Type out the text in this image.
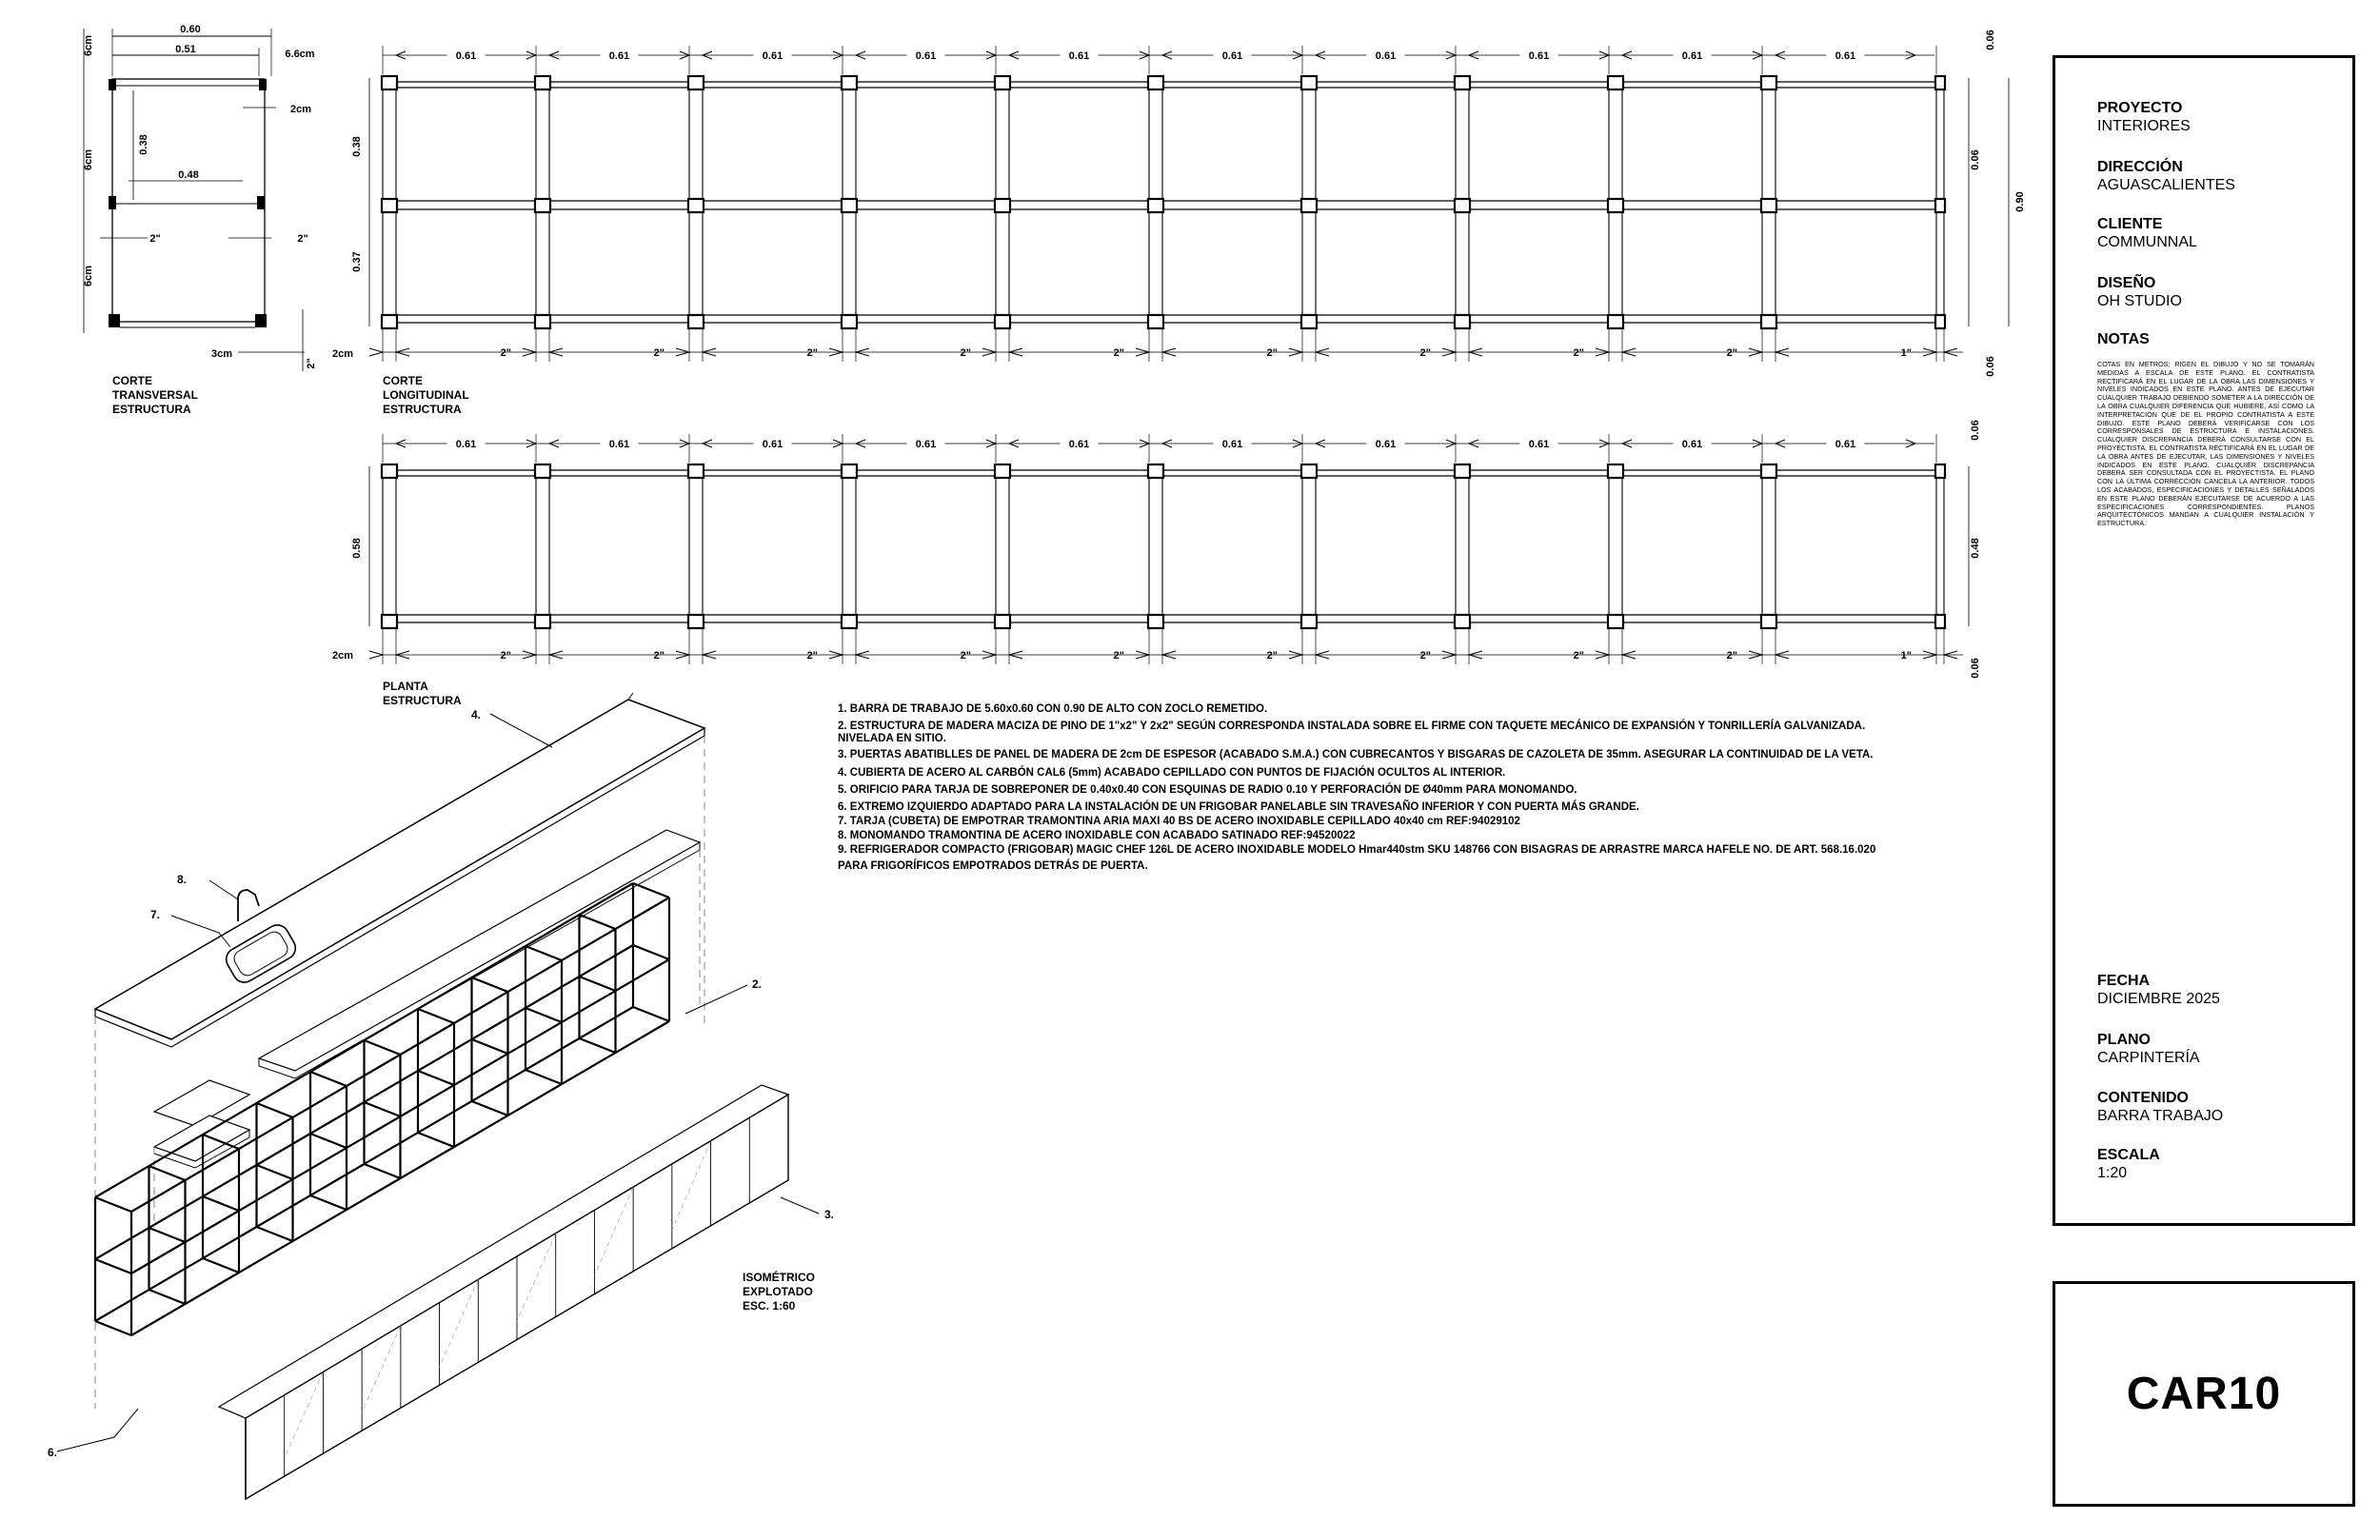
0.60
0.51	6.6cm
6cm
6cm
6cm
0.38
0.48
2cm
2"	2"
3cm
2"
CORTE
TRANSVERSAL
ESTRUCTURA
0.61
2"
0.61
2"
0.61
2"
0.61
2"
0.61
2"
0.61
2"
0.61
2"
0.61
2"
0.61
2"
0.61
1"
0.38
0.37
0.90
0.06
0.06
0.06
2cm
CORTE
LONGITUDINAL
ESTRUCTURA
0.61
2"
0.61
2"
0.61
2"
0.61
2"
0.61
2"
0.61
2"
0.61
2"
0.61
2"
0.61
2"
0.61
1"
0.58	0.48
0.06
0.06
2cm
PLANTA
ESTRUCTURA
4.
8.
7.
2.
3.
6.
ISOMÉTRICO
EXPLOTADO
ESC. 1:60
1. BARRA DE TRABAJO DE 5.60x0.60 CON 0.90 DE ALTO CON ZOCLO REMETIDO.
2. ESTRUCTURA DE MADERA MACIZA DE PINO DE 1"x2" Y 2x2" SEGÚN CORRESPONDA INSTALADA SOBRE EL FIRME CON TAQUETE MECÁNICO DE EXPANSIÓN Y TONRILLERÍA GALVANIZADA.
NIVELADA EN SITIO.
3. PUERTAS ABATIBLLES DE PANEL DE MADERA DE 2cm DE ESPESOR (ACABADO S.M.A.) CON CUBRECANTOS Y BISGARAS DE CAZOLETA DE 35mm. ASEGURAR LA CONTINUIDAD DE LA VETA.
4. CUBIERTA DE ACERO AL CARBÓN CAL6 (5mm) ACABADO CEPILLADO CON PUNTOS DE FIJACIÓN OCULTOS AL INTERIOR.
5. ORIFICIO PARA TARJA DE SOBREPONER DE 0.40x0.40 CON ESQUINAS DE RADIO 0.10 Y PERFORACIÓN DE Ø40mm PARA MONOMANDO.
6. EXTREMO IZQUIERDO ADAPTADO PARA LA INSTALACIÓN DE UN FRIGOBAR PANELABLE SIN TRAVESAÑO INFERIOR Y CON PUERTA MÁS GRANDE.
7. TARJA (CUBETA) DE EMPOTRAR TRAMONTINA ARIA MAXI 40 BS DE ACERO INOXIDABLE CEPILLADO 40x40 cm REF:94029102
8. MONOMANDO TRAMONTINA DE ACERO INOXIDABLE CON ACABADO SATINADO REF:94520022
9. REFRIGERADOR COMPACTO (FRIGOBAR) MAGIC CHEF 126L DE ACERO INOXIDABLE MODELO Hmar440stm SKU 148766 CON BISAGRAS DE ARRASTRE MARCA HAFELE NO. DE ART. 568.16.020
PARA FRIGORÍFICOS EMPOTRADOS DETRÁS DE PUERTA.
PROYECTO
INTERIORES
DIRECCIÓN
AGUASCALIENTES
CLIENTE
COMMUNNAL
DISEÑO
OH STUDIO
NOTAS
COTAS EN METROS; RIGEN EL DIBUJO Y NO SE TOMARÁN MEDIDAS A ESCALA DE ESTE PLANO. EL CONTRATISTA RECTIFICARÁ EN EL LUGAR DE LA OBRA LAS DIMENSIONES Y NIVELES INDICADOS EN ESTE PLANO. ANTES DE EJECUTAR CUALQUIER TRABAJO DEBIENDO SOMETER A LA DIRECCIÓN DE LA OBRA CUALQUIER DIFERENCIA QUE HUBIERE, ASÍ COMO LA INTERPRETACIÓN QUE DE EL PROPIO CONTRATISTA A ESTE DIBUJO. ESTE PLANO DEBERÁ VERIFICARSE CON LOS CORRESPONSALES DE ESTRUCTURA E INSTALACIONES. CUALQUIER DISCREPANCIA DEBERÁ CONSULTARSE CON EL PROYECTISTA. EL CONTRATISTA RECTIFICARÁ EN EL LUGAR DE LA OBRA ANTES DE EJECUTAR, LAS DIMENSIONES Y NIVELES INDICADOS EN ESTE PLANO. CUALQUIER DISCREPANCIA DEBERÁ SER CONSULTADA CON EL PROYECTISTA. EL PLANO CON LA ÚLTIMA CORRECCIÓN CANCELA LA ANTERIOR. TODOS LOS ACABADOS, ESPECIFICACIONES Y DETALLES SEÑALADOS EN ESTE PLANO DEBERÁN EJECUTARSE DE ACUERDO A LAS ESPECIFICACIONES CORRESPONDIENTES. PLANOS ARQUITECTÓNICOS MANDAN A CUALQUIER INSTALACIÓN Y ESTRUCTURA.
FECHA
DICIEMBRE 2025
PLANO
CARPINTERÍA
CONTENIDO
BARRA TRABAJO
ESCALA
1:20
CAR10
